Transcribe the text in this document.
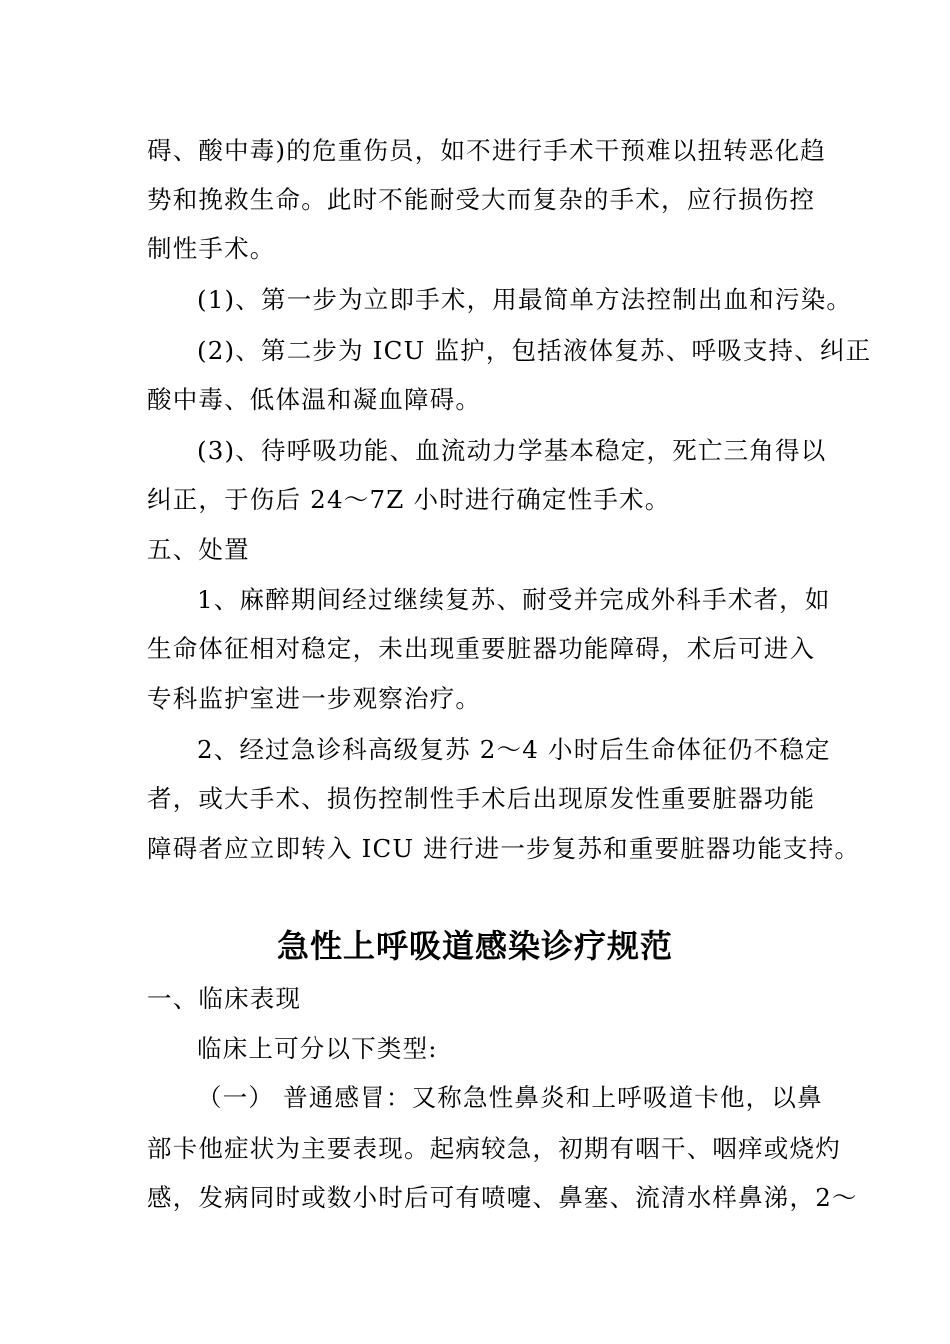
碍、酸中毒)的危重伤员，如不进行手术干预难以扭转恶化趋
势和挽救生命。此时不能耐受大而复杂的手术，应行损伤控
制性手术。
(1)、第一步为立即手术，用最简单方法控制出血和污染。
(2)、第二步为 ICU 监护，包括液体复苏、呼吸支持、纠正
酸中毒、低体温和凝血障碍。
(3)、待呼吸功能、血流动力学基本稳定，死亡三角得以
纠正，于伤后 24～7Z 小时进行确定性手术。
五、处置
1、麻醉期间经过继续复苏、耐受并完成外科手术者，如
生命体征相对稳定，未出现重要脏器功能障碍，术后可进入
专科监护室进一步观察治疗。
2、经过急诊科高级复苏 2～4 小时后生命体征仍不稳定
者，或大手术、损伤控制性手术后出现原发性重要脏器功能
障碍者应立即转入 ICU 进行进一步复苏和重要脏器功能支持。
急性上呼吸道感染诊疗规范
一、临床表现
临床上可分以下类型:
（一） 普通感冒：又称急性鼻炎和上呼吸道卡他，以鼻
部卡他症状为主要表现。起病较急，初期有咽干、咽痒或烧灼
感，发病同时或数小时后可有喷嚏、鼻塞、流清水样鼻涕，2～
